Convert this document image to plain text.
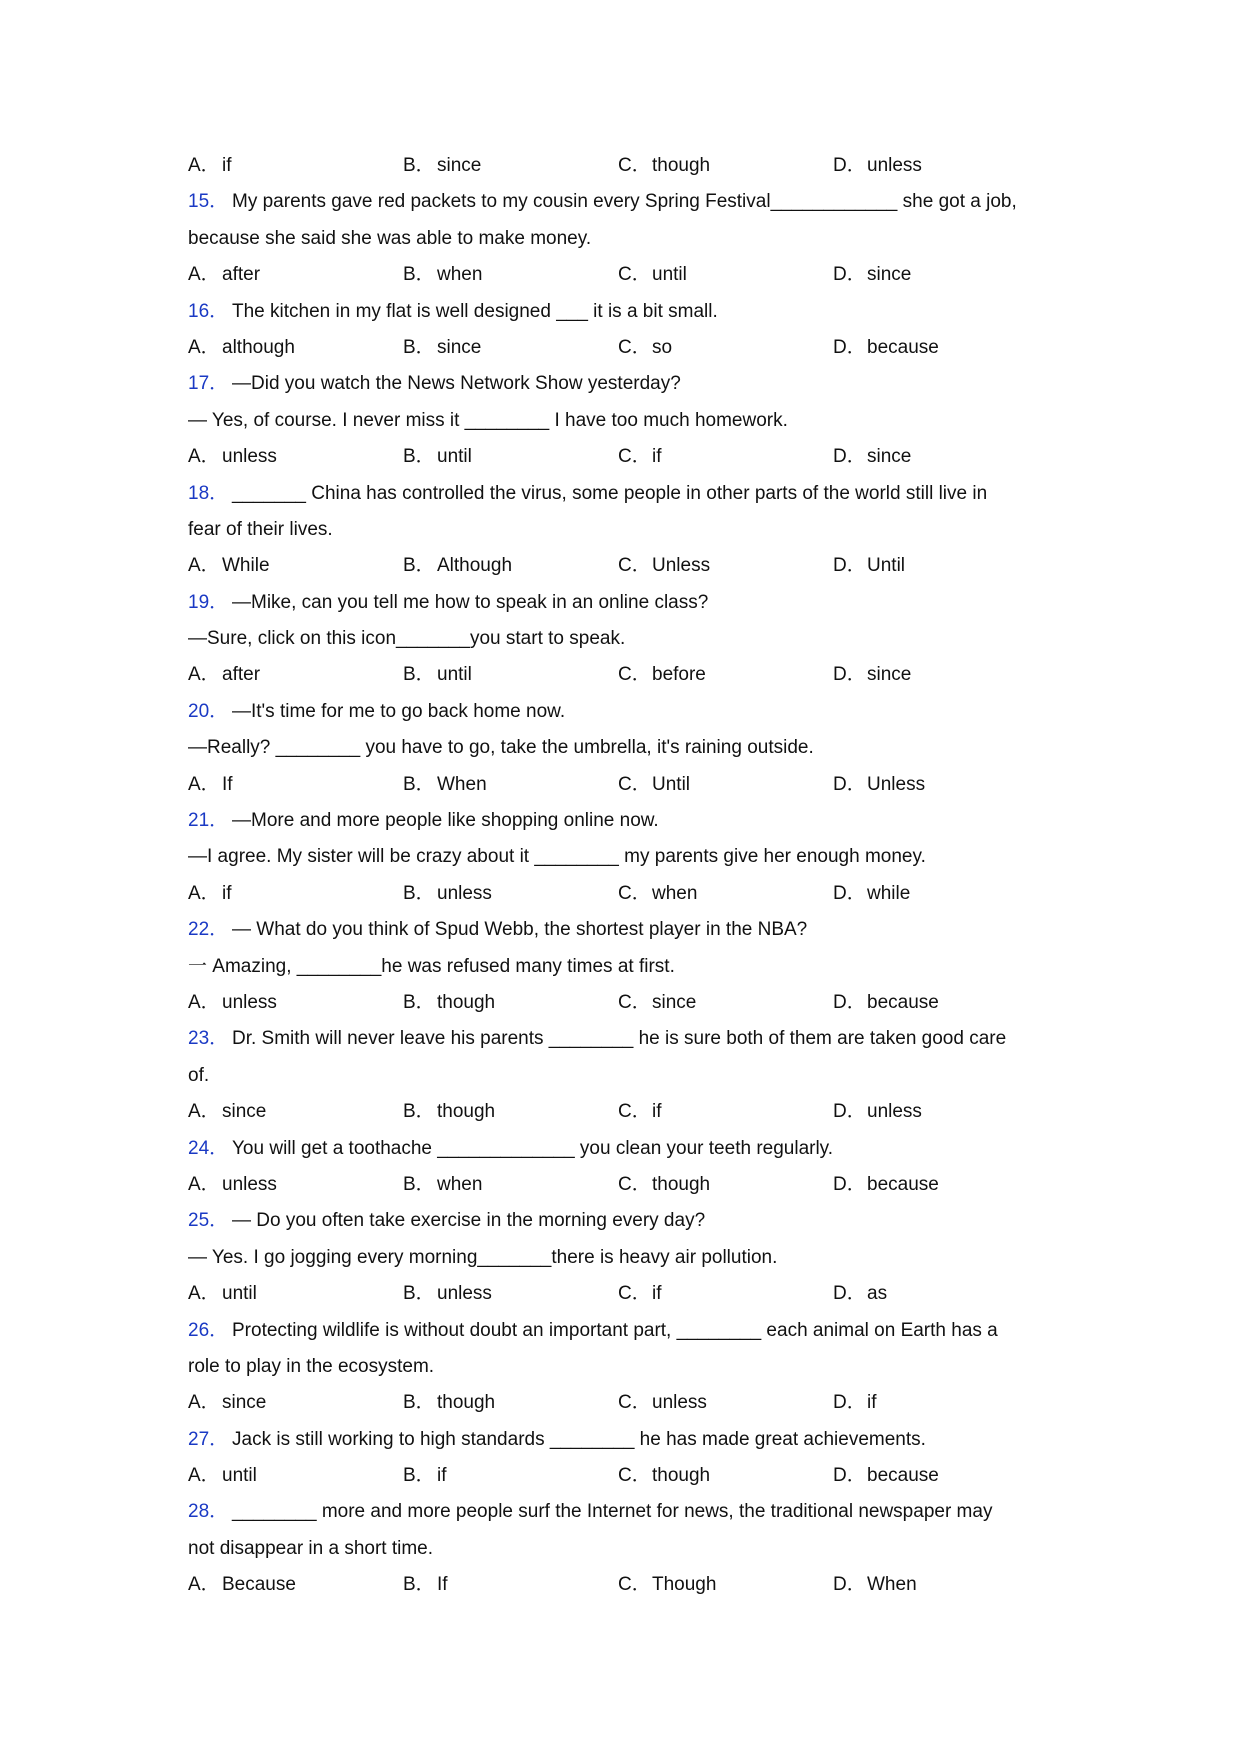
A． if	B． since	C．though	D．unless
15． My parents gave red packets to my cousin every Spring Festival____________ she got a job,
because she said she was able to make money.
A． after	B． when	C．until	D．since
16． The kitchen in my flat is well designed ___ it is a bit small.
A． although	B． since	C．so	D．because
17． —Did you watch the News Network Show yesterday?
— Yes, of course. I never miss it ________ I have too much homework.
A． unless	B． until	C．if	D．since
18． _______ China has controlled the virus, some people in other parts of the world still live in
fear of their lives.
A． While	B． Although	C．Unless	D．Until
19． —Mike, can you tell me how to speak in an online class?
—Sure, click on this icon_______you start to speak.
A． after	B． until	C．before	D．since
20． —It's time for me to go back home now.
—Really? ________ you have to go, take the umbrella, it's raining outside.
A． If	B． When	C．Until	D．Unless
21． —More and more people like shopping online now.
—I agree. My sister will be crazy about it ________ my parents give her enough money.
A． if	B． unless	C．when	D．while
22． — What do you think of Spud Webb, the shortest player in the NBA?
一 Amazing, ________he was refused many times at first.
A． unless	B． though	C．since	D．because
23． Dr. Smith will never leave his parents ________ he is sure both of them are taken good care
of.
A． since	B． though	C．if	D．unless
24． You will get a toothache _____________ you clean your teeth regularly.
A． unless	B． when	C．though	D．because
25． — Do you often take exercise in the morning every day?
— Yes. I go jogging every morning_______there is heavy air pollution.
A． until	B． unless	C．if	D．as
26． Protecting wildlife is without doubt an important part, ________ each animal on Earth has a
role to play in the ecosystem.
A． since	B． though	C．unless	D．if
27． Jack is still working to high standards ________ he has made great achievements.
A． until	B． if	C．though	D．because
28． ________ more and more people surf the Internet for news, the traditional newspaper may
not disappear in a short time.
A． Because	B． If	C．Though	D．When
